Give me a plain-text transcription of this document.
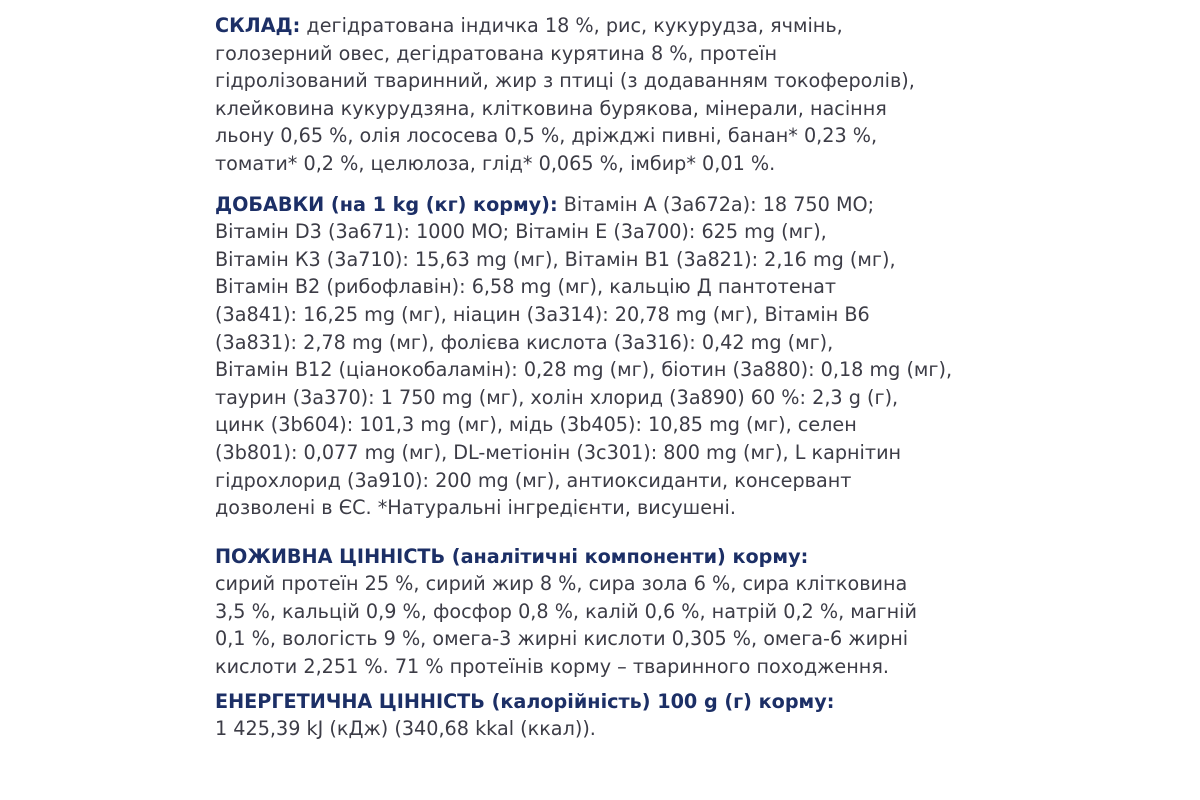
СКЛАД: дегідратована індичка 18 %, рис, кукурудза, ячмінь,
голозерний овес, дегідратована курятина 8 %, протеїн
гідролізований тваринний, жир з птиці (з додаванням токоферолів),
клейковина кукурудзяна, клітковина бурякова, мінерали, насіння
льону 0,65 %, олія лососева 0,5 %, дріжджі пивні, банан* 0,23 %,
томати* 0,2 %, целюлоза, глід* 0,065 %, імбир* 0,01 %.

ДОБАВКИ (на 1 kg (кг) корму): Вітамін А (3а672а): 18 750 МО;
Вітамін D3 (3а671): 1000 МО; Вітамін Е (3а700): 625 mg (мг),
Вітамін К3 (3а710): 15,63 mg (мг), Вітамін В1 (3а821): 2,16 mg (мг),
Вітамін В2 (рибофлавін): 6,58 mg (мг), кальцію Д пантотенат
(3а841): 16,25 mg (мг), ніацин (3а314): 20,78 mg (мг), Вітамін В6
(3а831): 2,78 mg (мг), фолієва кислота (3а316): 0,42 mg (мг),
Вітамін В12 (ціанокобаламін): 0,28 mg (мг), біотин (3а880): 0,18 mg (мг),
таурин (3а370): 1 750 mg (мг), холін хлорид (3а890) 60 %: 2,3 g (г),
цинк (3b604): 101,3 mg (мг), мідь (3b405): 10,85 mg (мг), селен
(3b801): 0,077 mg (мг), DL-метіонін (3c301): 800 mg (мг), L карнітин
гідрохлорид (3а910): 200 mg (мг), антиоксиданти, консервант
дозволені в ЄС. *Натуральні інгредієнти, висушені.

ПОЖИВНА ЦІННІСТЬ (аналітичні компоненти) корму:
сирий протеїн 25 %, сирий жир 8 %, сира зола 6 %, сира клітковина
3,5 %, кальцій 0,9 %, фосфор 0,8 %, калій 0,6 %, натрій 0,2 %, магній
0,1 %, вологість 9 %, омега-3 жирні кислоти 0,305 %, омега-6 жирні
кислоти 2,251 %. 71 % протеїнів корму – тваринного походження.

ЕНЕРГЕТИЧНА ЦІННІСТЬ (калорійність) 100 g (г) корму:
1 425,39 kJ (кДж) (340,68 kkal (ккал)).
